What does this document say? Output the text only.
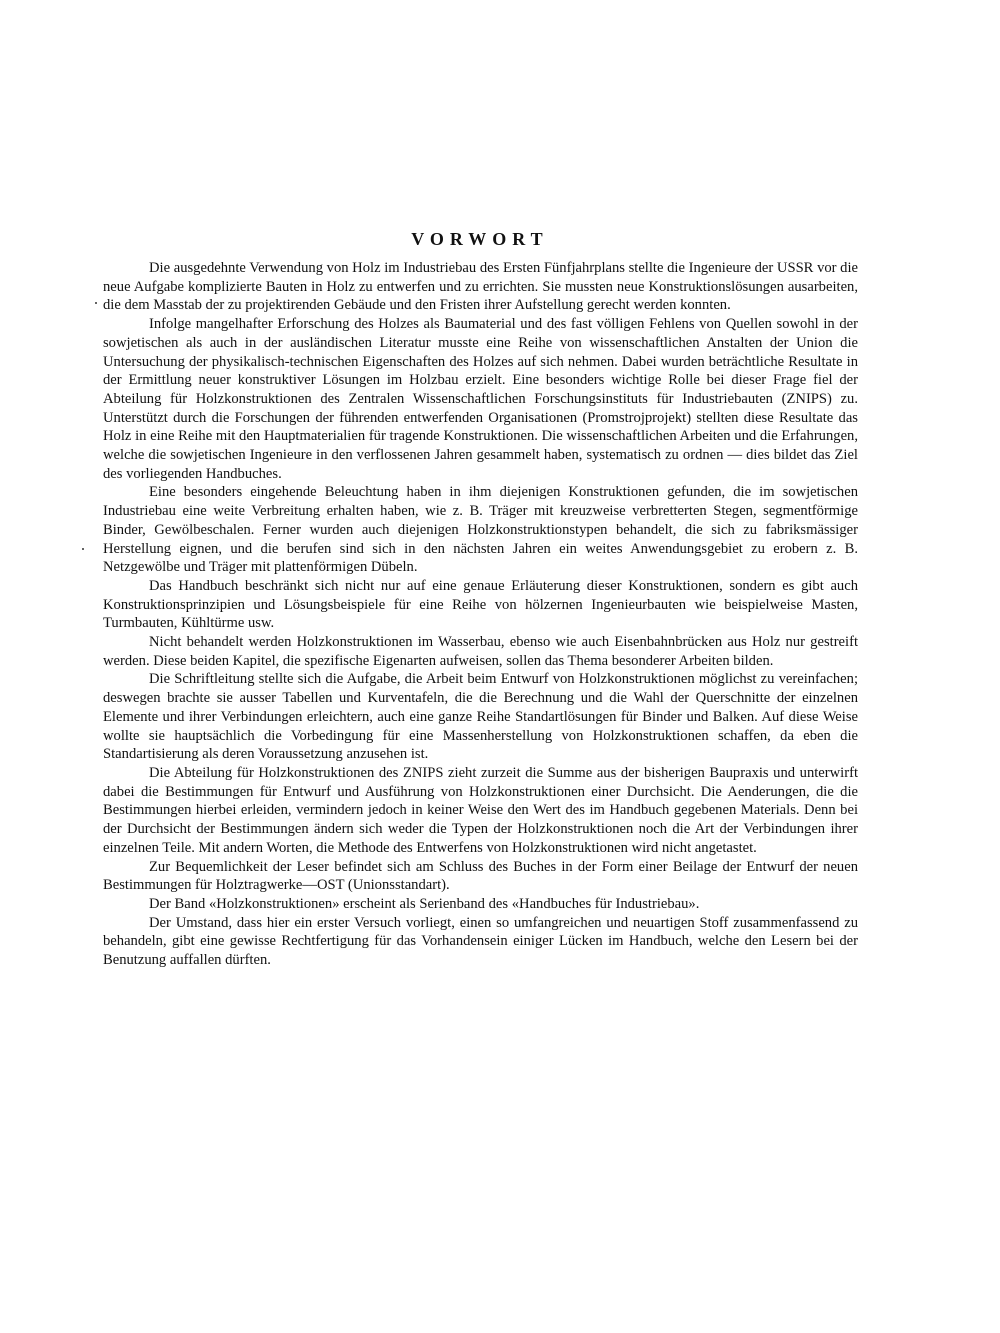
VORWORT

Die ausgedehnte Verwendung von Holz im Industriebau des Ersten Fünfjahrplans stellte die Ingenieure der USSR vor die neue Aufgabe komplizierte Bauten in Holz zu entwerfen und zu errichten. Sie mussten neue Konstruktionslösungen ausarbeiten, die dem Masstab der zu projektirenden Gebäude und den Fristen ihrer Aufstellung gerecht werden konnten.

Infolge mangelhafter Erforschung des Holzes als Baumaterial und des fast völligen Fehlens von Quellen sowohl in der sowjetischen als auch in der ausländischen Literatur musste eine Reihe von wissenschaftlichen Anstalten der Union die Untersuchung der physikalisch-technischen Eigenschaften des Holzes auf sich nehmen. Dabei wurden beträchtliche Resultate in der Ermittlung neuer konstruktiver Lösungen im Holzbau erzielt. Eine besonders wichtige Rolle bei dieser Frage fiel der Abteilung für Holzkonstruktionen des Zentralen Wissenschaftlichen Forschungsinstituts für Industriebauten (ZNIPS) zu. Unterstützt durch die Forschungen der führenden entwerfenden Organisationen (Promstrojprojekt) stellten diese Resultate das Holz in eine Reihe mit den Hauptmaterialien für tragende Konstruktionen. Die wissenschaftlichen Arbeiten und die Erfahrungen, welche die sowjetischen Ingenieure in den verflossenen Jahren gesammelt haben, systematisch zu ordnen — dies bildet das Ziel des vorliegenden Handbuches.

Eine besonders eingehende Beleuchtung haben in ihm diejenigen Konstruktionen gefunden, die im sowjetischen Industriebau eine weite Verbreitung erhalten haben, wie z. B. Träger mit kreuzweise verbretterten Stegen, segmentförmige Binder, Gewölbeschalen. Ferner wurden auch diejenigen Holzkonstruktionstypen behandelt, die sich zu fabriksmässiger Herstellung eignen, und die berufen sind sich in den nächsten Jahren ein weites Anwendungsgebiet zu erobern z. B. Netzgewölbe und Träger mit plattenförmigen Dübeln.

Das Handbuch beschränkt sich nicht nur auf eine genaue Erläuterung dieser Konstruktionen, sondern es gibt auch Konstruktionsprinzipien und Lösungsbeispiele für eine Reihe von hölzernen Ingenieurbauten wie beispielweise Masten, Turmbauten, Kühltürme usw.

Nicht behandelt werden Holzkonstruktionen im Wasserbau, ebenso wie auch Eisenbahnbrücken aus Holz nur gestreift werden. Diese beiden Kapitel, die spezifische Eigenarten aufweisen, sollen das Thema besonderer Arbeiten bilden.

Die Schriftleitung stellte sich die Aufgabe, die Arbeit beim Entwurf von Holzkonstruktionen möglichst zu vereinfachen; deswegen brachte sie ausser Tabellen und Kurventafeln, die die Berechnung und die Wahl der Querschnitte der einzelnen Elemente und ihrer Verbindungen erleichtern, auch eine ganze Reihe Standartlösungen für Binder und Balken. Auf diese Weise wollte sie hauptsächlich die Vorbedingung für eine Massenherstellung von Holzkonstruktionen schaffen, da eben die Standartisierung als deren Voraussetzung anzusehen ist.

Die Abteilung für Holzkonstruktionen des ZNIPS zieht zurzeit die Summe aus der bisherigen Baupraxis und unterwirft dabei die Bestimmungen für Entwurf und Ausführung von Holzkonstruktionen einer Durchsicht. Die Aenderungen, die die Bestimmungen hierbei erleiden, vermindern jedoch in keiner Weise den Wert des im Handbuch gegebenen Materials. Denn bei der Durchsicht der Bestimmungen ändern sich weder die Typen der Holzkonstruktionen noch die Art der Verbindungen ihrer einzelnen Teile. Mit andern Worten, die Methode des Entwerfens von Holzkonstruktionen wird nicht angetastet.

Zur Bequemlichkeit der Leser befindet sich am Schluss des Buches in der Form einer Beilage der Entwurf der neuen Bestimmungen für Holztragwerke—OST (Unionsstandart).

Der Band «Holzkonstruktionen» erscheint als Serienband des «Handbuches für Industriebau».

Der Umstand, dass hier ein erster Versuch vorliegt, einen so umfangreichen und neuartigen Stoff zusammenfassend zu behandeln, gibt eine gewisse Rechtfertigung für das Vorhandensein einiger Lücken im Handbuch, welche den Lesern bei der Benutzung auffallen dürften.
